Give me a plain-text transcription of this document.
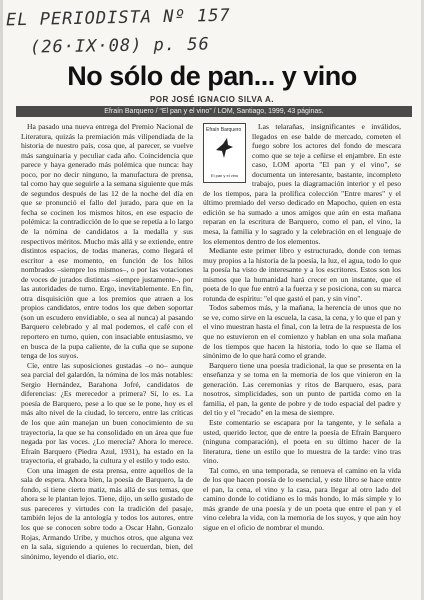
EL PERIODISTA Nº 157
(26·IX·08) p. 56
No sólo de pan... y vino
POR JOSÉ IGNACIO SILVA A.
Efraín Barquero / “El pan y el vino” / LOM, Santiago, 1999, 43 páginas.

Ha pasado una nueva entrega del Premio Nacional de Literatura, quizás la premiación más vilipendiada de la historia de nuestro país, cosa que, al parecer, se vuelve más sanguinaria y peculiar cada año. Coincidencia que parece y haya generado más polémica que nunca: hay poco, por no decir ninguno, la manufactura de prensa, tal como hay que seguirle a la semana siguiente que más de segundos después de las 12 de la noche del día en que se pronunció el fallo del jurado, para que en la fecha se cocinen los mismos hitos, en ese espacio de polémica: la contradicción de lo que se repetía a lo largo de la nómina de candidatos a la medalla y sus respectivos méritos. Mucho más allá y se extiende, entre distintos espacios, de todas maneras, como llegará el escritor a ese momento, en función de los hilos nombrados –siempre los mismos–, o por las votaciones de voces de jurados distintas –siempre justamente–, por las autoridades de turno. Ergo, inevitablemente. En fin, otra disquisición que a los premios que atraen a los propios candidatos, entre todos los que deben soportar (son un escudero envidiable, o sea al nunca) al pasando Barquero celebrado y al mal podemos, el café con el reportero en turno, quien, con insaciable entusiasmo, ve en busca de la pupa caliente, de la cuña que se supone tenga de los suyos.

Cíe, entre las suposiciones gustadas –o no– aunque sea parcial del galardón, la nómina de los más notables: Sergio Hernández, Barahona Jofré, candidatos de diferencias: ¿Es merecedor a primera? Sí, lo es. La poesía de Barquero, pese a lo que se le pone, hoy es el más alto nivel de la ciudad, lo tercero, entre las críticas de los que aún manejan un buen conocimiento de su trayectoria, la que se ha consolidado en un área que fue negada por las voces. ¿Lo merecía? Ahora lo merece. Efraín Barquero (Piedra Azul, 1931), ha estado en la trayectoria, el grabado, la cultura y el estilo y todo esto.

Con una imagen de esta prensa, entre aquellos de la sala de espera. Ahora bien, la poesía de Barquero, la de fondo, sí tiene cierto matiz, más allá de sus temas, que ahora se le plantan lejos. Tiene, dijo, un sello gustado de sus pareceres y virtudes con la tradición del pasaje, también lejos de la antología y todos los autores, entre los que se conocen sobre todo a Oscar Hahn, Gonzalo Rojas, Armando Uribe, y muchos otros, que alguna vez en la sala, siguiendo a quienes lo recuerdan, bien, del sinónimo, leyendo el diario, etc.

Efraín Barquero
El pan y el vino

Las telarañas, insignificantes e inválidos, llegados en ese balde de mercado, cometen el fuego sobre los actores del fondo de mescara como que se teje a ceñirse el enjambre. En este caso, LOM aporta "El pan y el vino", se documenta un interesante, bastante, incompleto trabajo, pues la diagramación interior y el peso de los tiempos, para la prolífica colección "Entre mares" y el último premiado del verso dedicado en Mapocho, quien en esta edición se ha sumado a unos amigos que aún en esta mañana reparan en la escritura de Barquero, como el pan, el vino, la mesa, la familia y lo sagrado y la celebración en el lenguaje de los elementos dentro de los elementos.

Mediante este primer libro y estructurado, donde con temas muy propios a la historia de la poesía, la luz, el agua, todo lo que la poesía ha visto de interesante y a los escritores. Estos son los mismos que la humanidad hará crecer en un instante, que el poeta de lo que fue entró a la fuerza y se posiciona, con su marca rotunda de espíritu: "el que gastó el pan, y sin vino".

Todos sabemos más, y la mañana, la herencia de unos que no se ve, como sirve en la escuela, la casa, la cena, y lo que el pan y el vino muestran hasta el final, con la letra de la respuesta de los que no estuvieron en el comienzo y hablan en una sola mañana de los tiempos que hacen la historia, todo lo que se llama el sinónimo de lo que hará como el grande.

Barquero tiene una poesía tradicional, la que se presenta en la enseñanza y se toma en la memoria de los que vinieron en la generación. Las ceremonias y ritos de Barquero, esas, para nosotros, simplicidades, son un punto de partida como en la familia, el pan, la gente de pobre y de todo espacial del padre y del tío y el "recado" en la mesa de siempre.

Este comentario se escapara por la tangente, y le señala a usted, querido lector, que de entre la poesía de Efraín Barquero (ninguna comparación), el poeta en su último hacer de la literatura, tiene un estilo que lo muestra de la tarde: vino tras vino.

Tal como, en una temporada, se renueva el camino en la vida de los que hacen poesía de lo esencial, y este libro se hace entre el pan, la cena, el vino y la casa, para llegar al otro lado del camino donde lo cotidiano es lo más hondo, lo más simple y lo más grande de una poesía y de un poeta que entre el pan y el vino celebra la vida, con la memoria de los suyos, y que aún hoy sigue en el oficio de nombrar el mundo.
